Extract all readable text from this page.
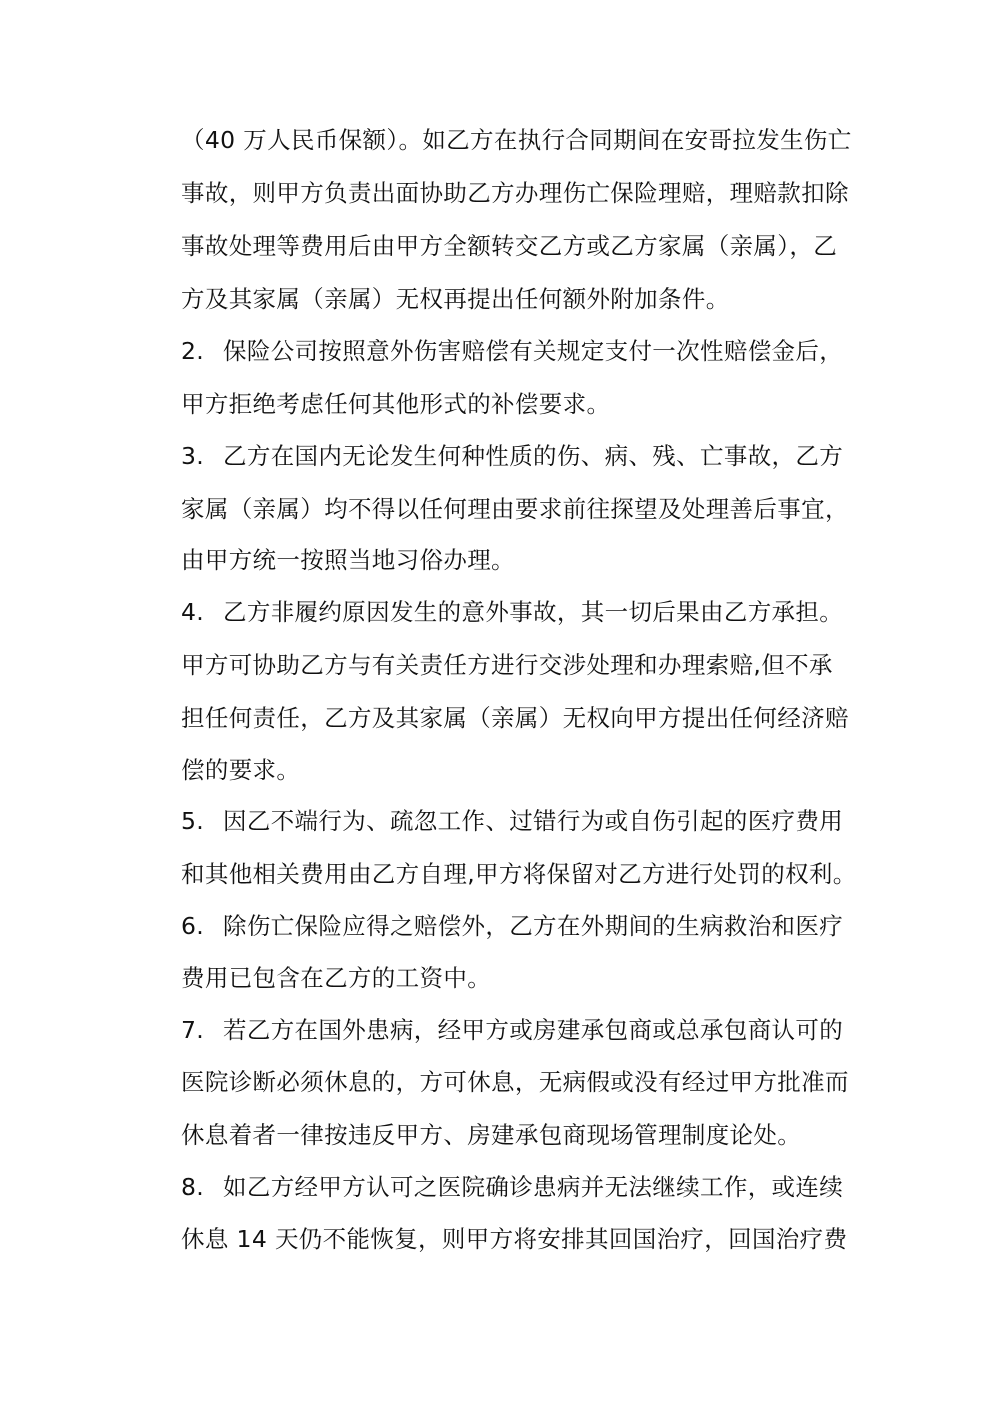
（40 万人民币保额）。如乙方在执行合同期间在安哥拉发生伤亡
事故，则甲方负责出面协助乙方办理伤亡保险理赔，理赔款扣除
事故处理等费用后由甲方全额转交乙方或乙方家属（亲属），乙
方及其家属（亲属）无权再提出任何额外附加条件。
2. 保险公司按照意外伤害赔偿有关规定支付一次性赔偿金后，
甲方拒绝考虑任何其他形式的补偿要求。
3. 乙方在国内无论发生何种性质的伤、病、残、亡事故，乙方
家属（亲属）均不得以任何理由要求前往探望及处理善后事宜，
由甲方统一按照当地习俗办理。
4. 乙方非履约原因发生的意外事故，其一切后果由乙方承担。
甲方可协助乙方与有关责任方进行交涉处理和办理索赔,但不承
担任何责任，乙方及其家属（亲属）无权向甲方提出任何经济赔
偿的要求。
5. 因乙不端行为、疏忽工作、过错行为或自伤引起的医疗费用
和其他相关费用由乙方自理,甲方将保留对乙方进行处罚的权利。
6. 除伤亡保险应得之赔偿外，乙方在外期间的生病救治和医疗
费用已包含在乙方的工资中。
7. 若乙方在国外患病，经甲方或房建承包商或总承包商认可的
医院诊断必须休息的，方可休息，无病假或没有经过甲方批准而
休息着者一律按违反甲方、房建承包商现场管理制度论处。
8. 如乙方经甲方认可之医院确诊患病并无法继续工作，或连续
休息 14 天仍不能恢复，则甲方将安排其回国治疗，回国治疗费
